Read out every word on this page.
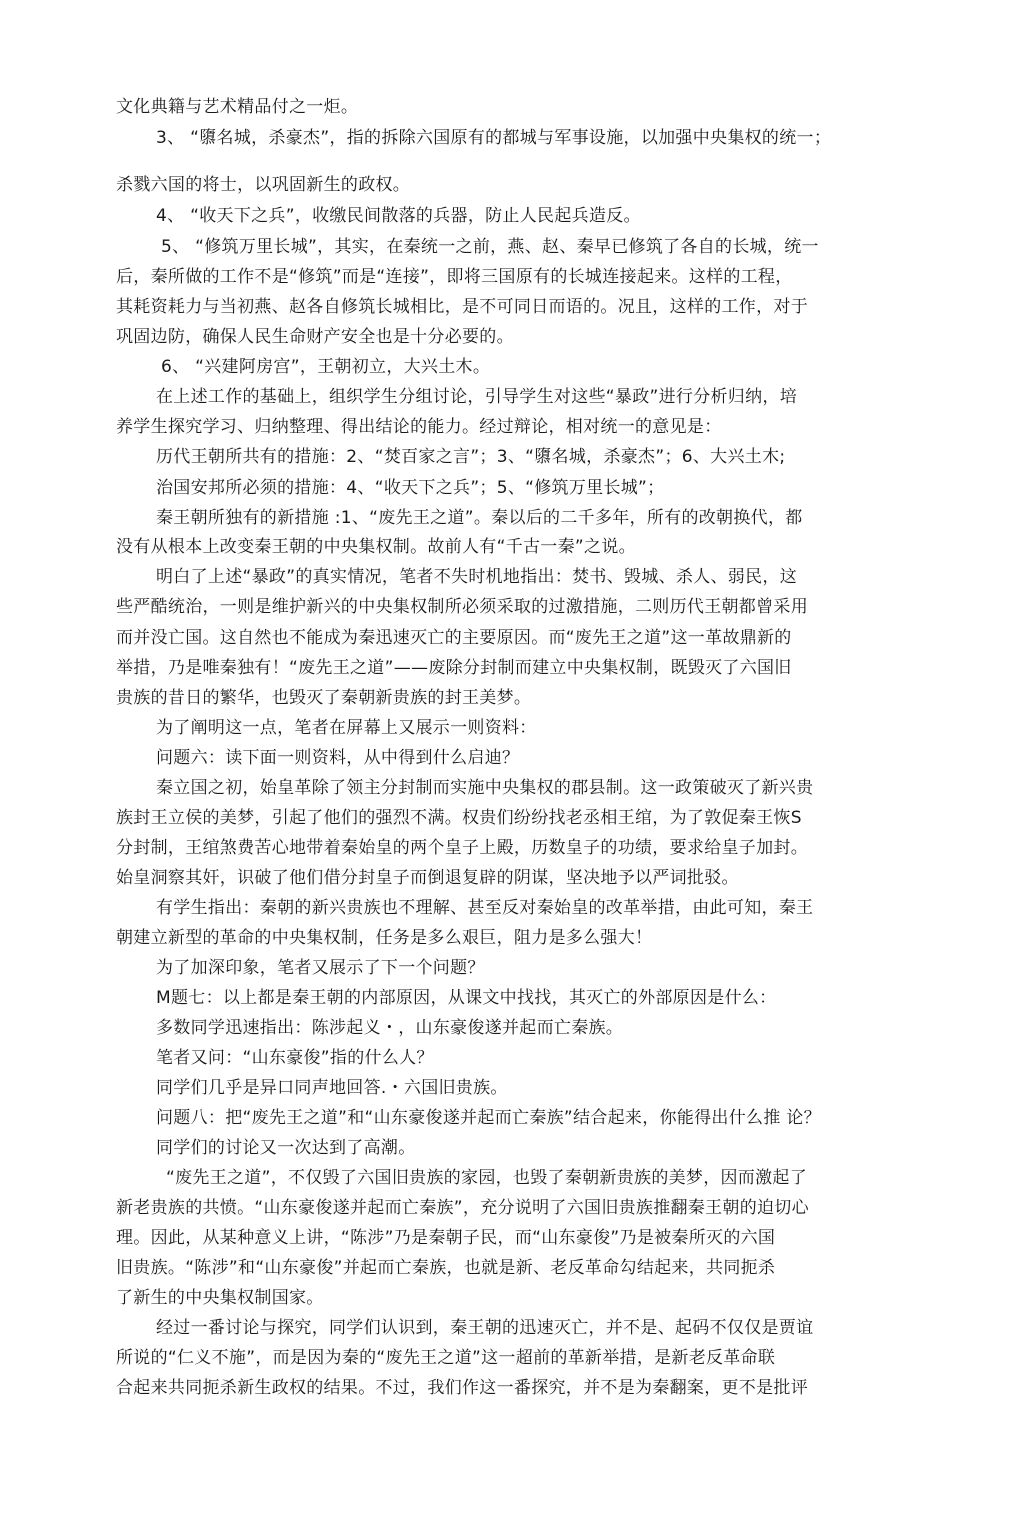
文化典籍与艺术精品付之一炬。
3、 “隳名城，杀豪杰”，指的拆除六国原有的都城与军事设施，以加强中央集权的统一；
杀戮六国的将士，以巩固新生的政权。
4、 “收天下之兵”，收缴民间散落的兵器，防止人民起兵造反。
5、 “修筑万里长城”，其实，在秦统一之前，燕、赵、秦早已修筑了各自的长城，统一
后，秦所做的工作不是“修筑”而是“连接”，即将三国原有的长城连接起来。这样的工程，
其耗资耗力与当初燕、赵各自修筑长城相比，是不可同日而语的。况且，这样的工作，对于
巩固边防，确保人民生命财产安全也是十分必要的。
6、 “兴建阿房宫”，王朝初立，大兴土木。
在上述工作的基础上，组织学生分组讨论，引导学生对这些“暴政”进行分析归纳，培
养学生探究学习、归纳整理、得出结论的能力。经过辩论，相对统一的意见是：
历代王朝所共有的措施：2、“焚百家之言”；3、“隳名城，杀豪杰”；6、大兴土木;
治国安邦所必须的措施：4、“收天下之兵”；5、“修筑万里长城”；
秦王朝所独有的新措施 :1、“废先王之道”。秦以后的二千多年，所有的改朝换代，都
没有从根本上改变秦王朝的中央集权制。故前人有“千古一秦”之说。
明白了上述“暴政”的真实情况，笔者不失时机地指出：焚书、毁城、杀人、弱民，这
些严酷统治，一则是维护新兴的中央集权制所必须采取的过激措施，二则历代王朝都曾采用
而并没亡国。这自然也不能成为秦迅速灭亡的主要原因。而“废先王之道”这一革故鼎新的
举措，乃是唯秦独有！“废先王之道”——废除分封制而建立中央集权制，既毁灭了六国旧
贵族的昔日的繁华，也毁灭了秦朝新贵族的封王美梦。
为了阐明这一点，笔者在屏幕上又展示一则资料：
问题六：读下面一则资料，从中得到什么启迪？
秦立国之初，始皇革除了领主分封制而实施中央集权的郡县制。这一政策破灭了新兴贵
族封王立侯的美梦，引起了他们的强烈不满。权贵们纷纷找老丞相王绾，为了敦促秦王恢S
分封制，王绾煞费苦心地带着秦始皇的两个皇子上殿，历数皇子的功绩，要求给皇子加封。
始皇洞察其奸，识破了他们借分封皇子而倒退复辟的阴谋，坚决地予以严词批驳。
有学生指出：秦朝的新兴贵族也不理解、甚至反对秦始皇的改革举措，由此可知，秦王
朝建立新型的革命的中央集权制，任务是多么艰巨，阻力是多么强大！
为了加深印象，笔者又展示了下一个问题？
M题七：以上都是秦王朝的内部原因，从课文中找找，其灭亡的外部原因是什么：
多数同学迅速指出：陈涉起义・，山东豪俊遂并起而亡秦族。
笔者又问：“山东豪俊”指的什么人？
同学们几乎是异口同声地回答.・六国旧贵族。
问题八：把“废先王之道”和“山东豪俊遂并起而亡秦族”结合起来，你能得出什么推 论？
同学们的讨论又一次达到了高潮。
“废先王之道”，不仅毁了六国旧贵族的家园，也毁了秦朝新贵族的美梦，因而激起了
新老贵族的共愤。“山东豪俊遂并起而亡秦族”，充分说明了六国旧贵族推翻秦王朝的迫切心
理。因此，从某种意义上讲，“陈涉”乃是秦朝子民，而“山东豪俊”乃是被秦所灭的六国
旧贵族。“陈涉”和“山东豪俊”并起而亡秦族，也就是新、老反革命勾结起来，共同扼杀
了新生的中央集权制国家。
经过一番讨论与探究，同学们认识到，秦王朝的迅速灭亡，并不是、起码不仅仅是贾谊
所说的“仁义不施”，而是因为秦的“废先王之道”这一超前的革新举措，是新老反革命联
合起来共同扼杀新生政权的结果。不过，我们作这一番探究，并不是为秦翻案，更不是批评
